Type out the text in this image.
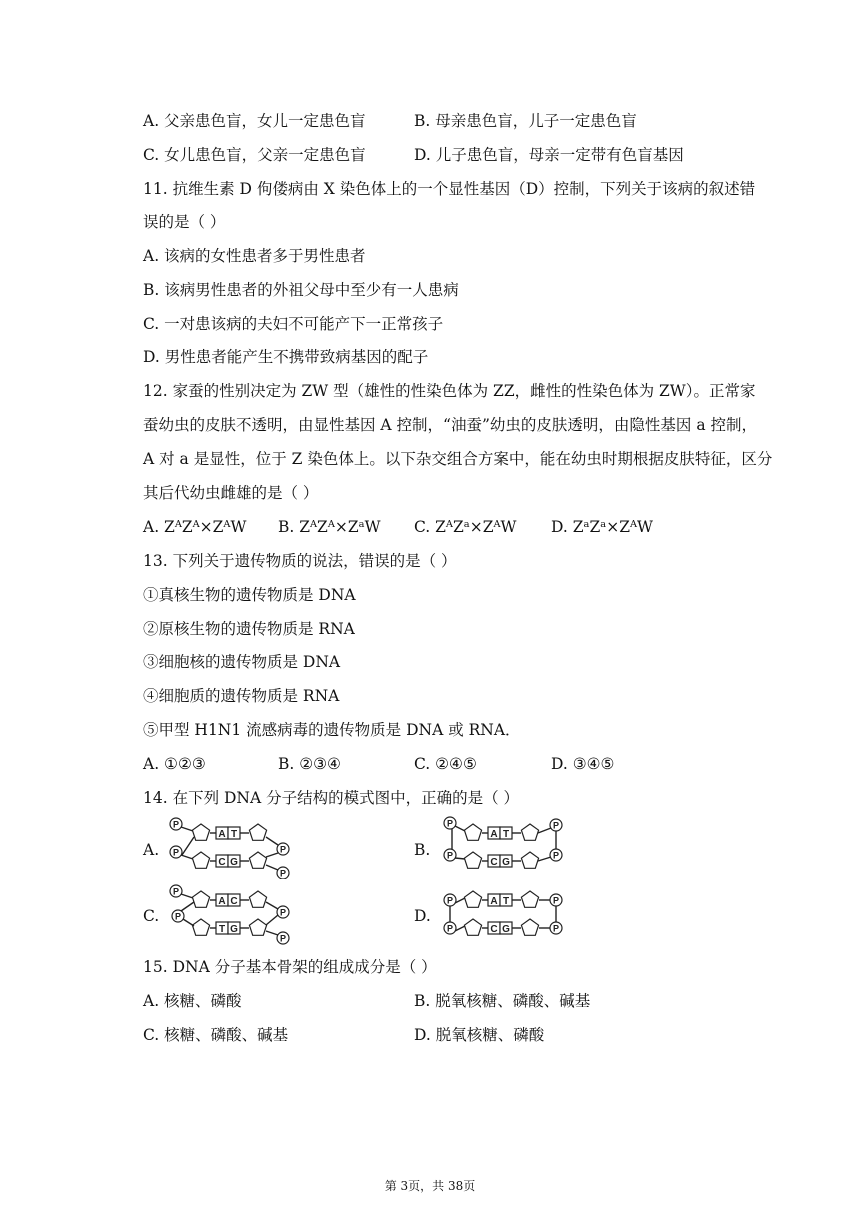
A. 父亲患色盲，女儿一定患色盲	B. 母亲患色盲，儿子一定患色盲
C. 女儿患色盲，父亲一定患色盲	D. 儿子患色盲，母亲一定带有色盲基因
11. 抗维生素 D 佝偻病由 X 染色体上的一个显性基因（D）控制，下列关于该病的叙述错
误的是（ ）
A. 该病的女性患者多于男性患者
B. 该病男性患者的外祖父母中至少有一人患病
C. 一对患该病的夫妇不可能产下一正常孩子
D. 男性患者能产生不携带致病基因的配子
12. 家蚕的性别决定为 ZW 型（雄性的性染色体为 ZZ，雌性的性染色体为 ZW）。正常家
蚕幼虫的皮肤不透明，由显性基因 A 控制，“油蚕”幼虫的皮肤透明，由隐性基因 a 控制，
A 对 a 是显性，位于 Z 染色体上。以下杂交组合方案中，能在幼虫时期根据皮肤特征，区分
其后代幼虫雌雄的是（ ）
A. ZᴬZᴬ×ZᴬW B. ZᴬZᴬ×ZᵃW C. ZᴬZᵃ×ZᴬW D. ZᵃZᵃ×ZᴬW
13. 下列关于遗传物质的说法，错误的是（ ）
①真核生物的遗传物质是 DNA
②原核生物的遗传物质是 RNA
③细胞核的遗传物质是 DNA
④细胞质的遗传物质是 RNA
⑤甲型 H1N1 流感病毒的遗传物质是 DNA 或 RNA．
A. ①②③	B. ②③④	C. ②④⑤	D. ③④⑤
14. 在下列 DNA 分子结构的模式图中，正确的是（ ）
A.	B.
C.	D.
A T
P
C G
P	P
P
A T
P
C G
P
P
P
A C
P
T G
P	P
P
A T
P
C G
P
P
P
15. DNA 分子基本骨架的组成成分是（ ）
A. 核糖、磷酸	B. 脱氧核糖、磷酸、碱基
C. 核糖、磷酸、碱基	D. 脱氧核糖、磷酸
第 3页，共 38页
